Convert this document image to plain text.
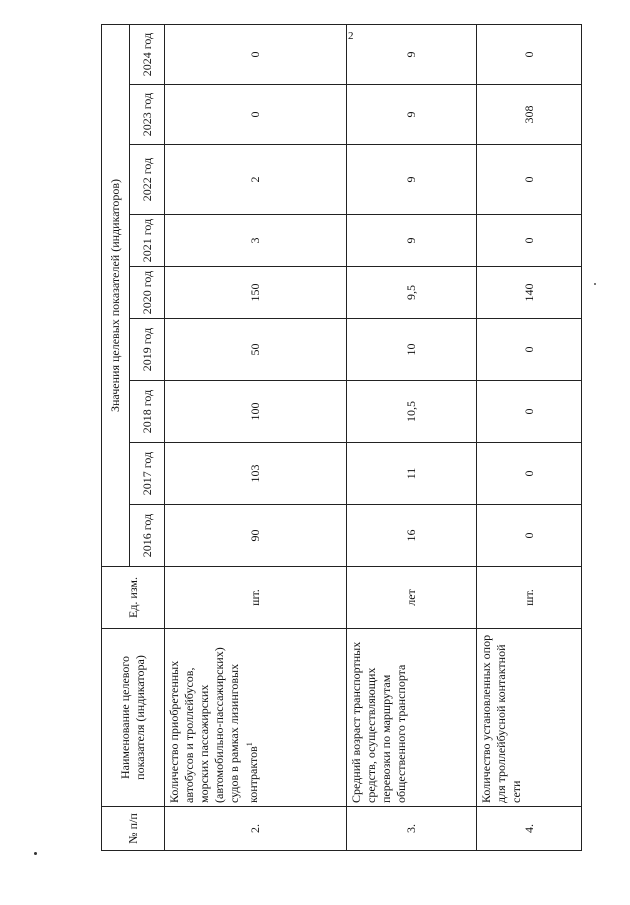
2
№ п/п	Наименование целевого показателя (индикатора)	Ед. изм.	Значения целевых показателей (индикаторов)								
			2016 год	2017 год	2018 год	2019 год	2020 год	2021 год	2022 год	2023 год	2024 год
2.	Количество приобретенных автобусов и троллейбусов, морских пассажирских (автомобильно-пассажирских) судов в рамках лизинговых контрактов$^1$	шт.	90	103	100	50	150	3	2	0	0
3.	Средний возраст транспортных средств, осуществляющих перевозки по маршрутам общественного транспорта	лет	16	11	10,5	10	9,5	9	9	9	9
4.	Количество установленных опор для троллейбусной контактной сети	шт.	0	0	0	0	140	0	0	308	0
